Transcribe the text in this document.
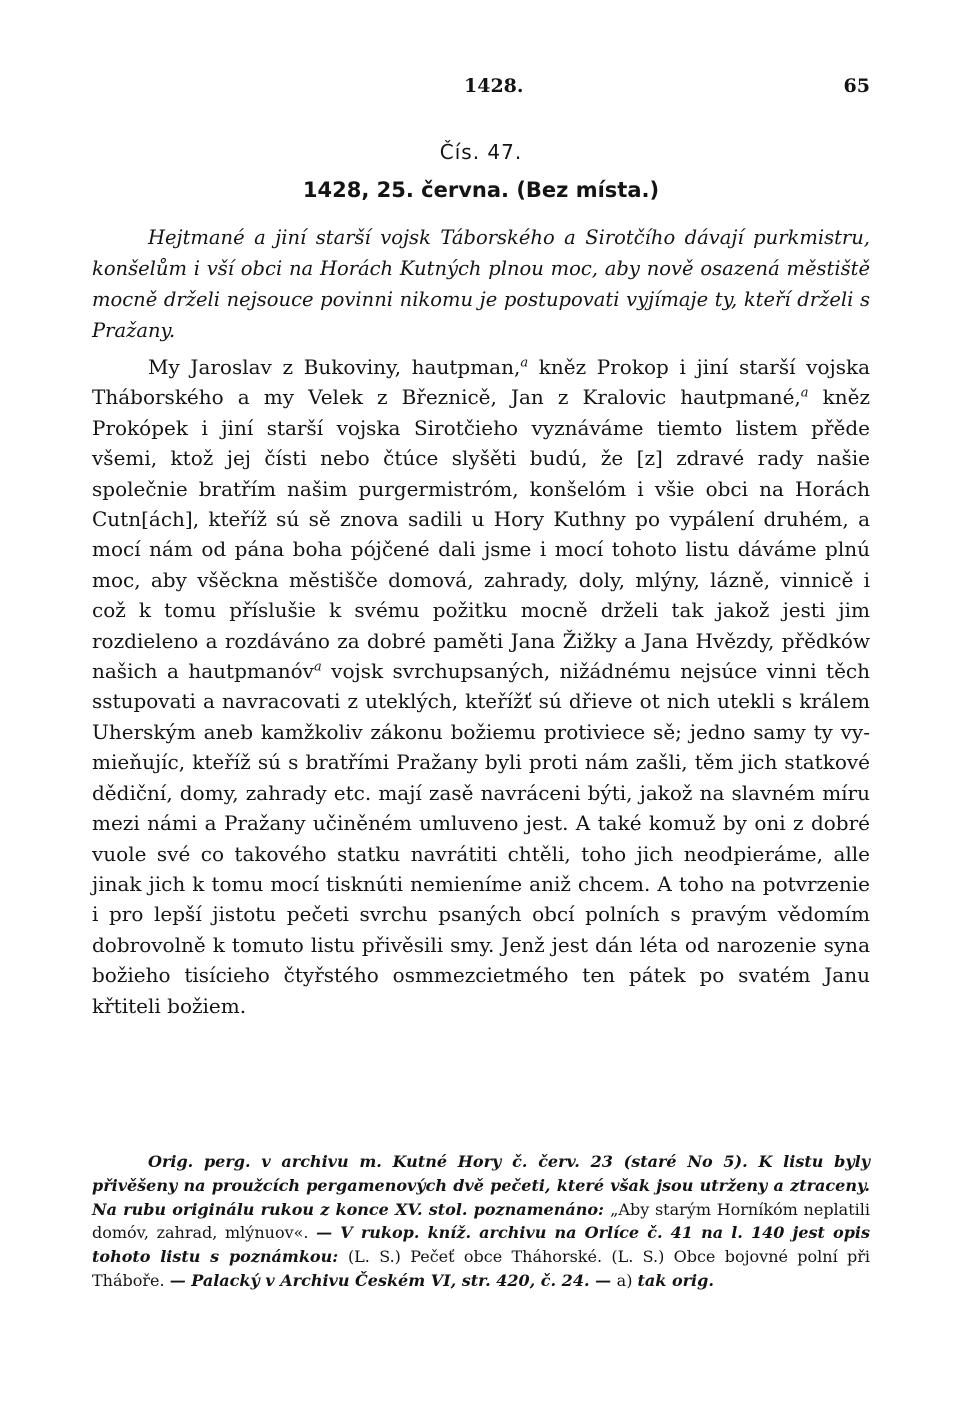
1428.	65
Čís. 47.
1428, 25. června. (Bez místa.)

Hejtmané a jiní starší vojsk Táborského a Sirotčího dávají purkmistru, konšelům i vší obci na Horách Kutných plnou moc, aby nově osazená městiště mocně drželi nejsouce povinni nikomu je postupovati vyjímaje ty, kteří drželi s Pražany.

My Jaroslav z Bukoviny, hautpman,$^a$ kněz Prokop i jiní starší vojska Tháborského a my Velek z Březnicě, Jan z Kralovic hautpmané,$^a$ kněz Prokópek i jiní starší vojska Sirotčieho vyznáváme tiemto listem přěde všemi, ktož jej čísti nebo čtúce slyšěti budú, že [z] zdravé rady našie společnie bratřím našim purgermistróm, konšelóm i všie obci na Horách Cutn[ách], kteříž sú sě znova sadili u Hory Kuthny po vypálení druhém, a mocí nám od pána boha pójčené dali jsme i mocí tohoto listu dáváme plnú moc, aby všěckna městišče domová, zahrady, doly, mlýny, lázně, vinnicě i což k tomu příslušie k svému požitku mocně drželi tak jakož jesti jim rozdieleno a rozdáváno za dobré paměti Jana Žižky a Jana Hvězdy, přědków našich a hautpmanóv$^a$ vojsk svrchupsaných, nižádnému nejsúce vinni těch sstupovati a navracovati z uteklých, kteřížť sú dřieve ot nich utekli s králem Uherským aneb kamžkoliv zákonu božiemu protiviece sě; jedno samy ty vymieňujíc, kteříž sú s bratřími Pražany byli proti nám zašli, těm jich statkové dědiční, domy, zahrady etc. mají zasě navráceni býti, jakož na slavném míru mezi námi a Pražany učiněném umluveno jest. A také komuž by oni z dobré vuole své co takového statku navrátiti chtěli, toho jich neodpieráme, alle jinak jich k tomu mocí tisknúti nemieníme aniž chcem. A toho na potvrzenie i pro lepší jistotu pečeti svrchu psaných obcí polních s pravým vědomím dobrovolně k tomuto listu přivěsili smy. Jenž jest dán léta od narozenie syna božieho tisícieho čtyřstého osmmezcietmého ten pátek po svatém Janu křtiteli božiem.

Orig. perg. v archivu m. Kutné Hory č. červ. 23 (staré No 5). K listu byly přivěšeny na proužcích pergamenových dvě pečeti, které však jsou utrženy a ztraceny. Na rubu originálu rukou z konce XV. stol. poznamenáno: „Aby starým Horníkóm neplatili domóv, zahrad, mlýnuov«. — V rukop. kníž. archivu na Orlíce č. 41 na l. 140 jest opis tohoto listu s poznámkou: (L. S.) Pečeť obce Tháhorské. (L. S.) Obce bojovné polní při Tháboře. — Palacký v Archivu Českém VI, str. 420, č. 24. — a) tak orig.
